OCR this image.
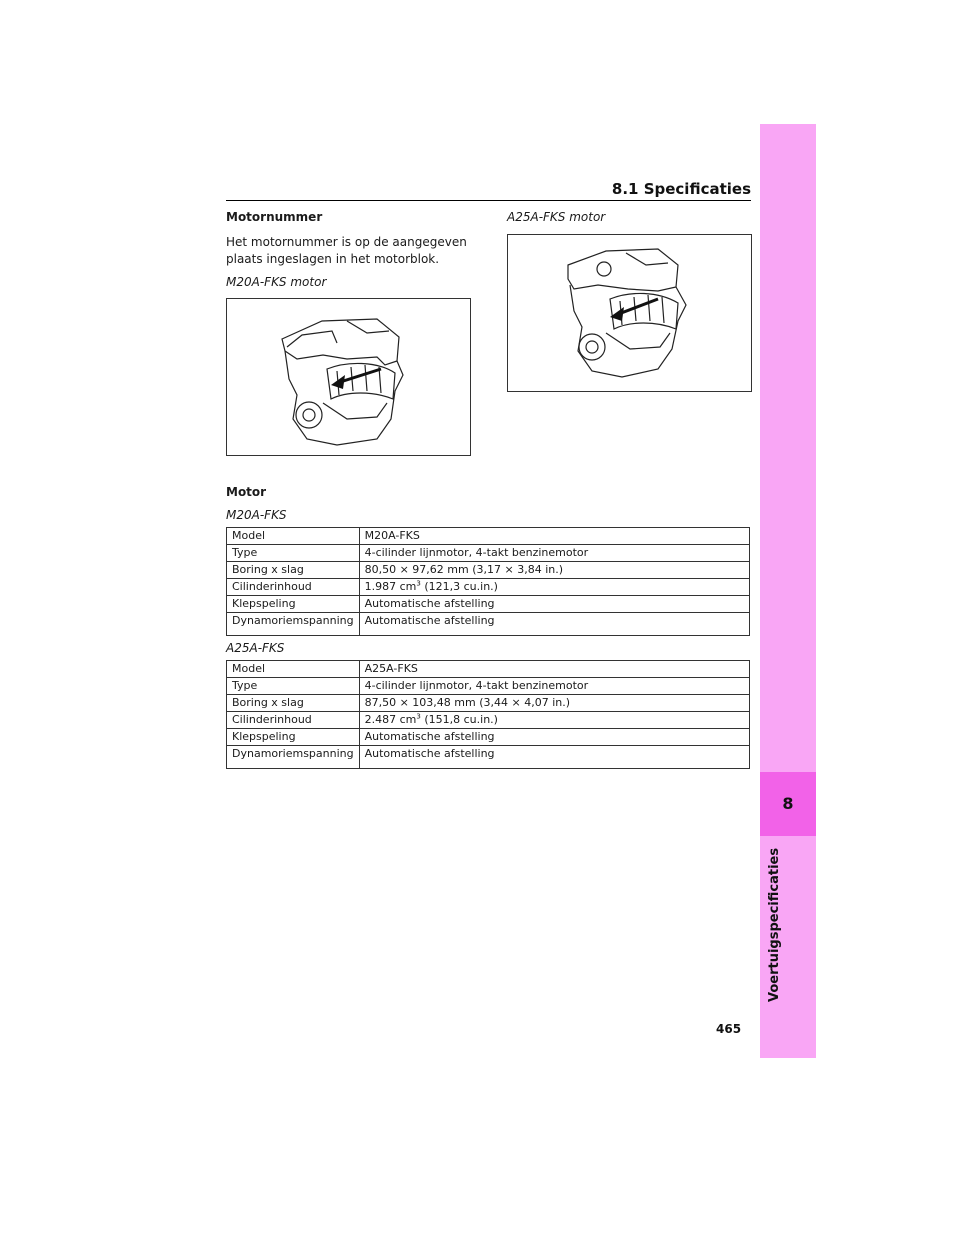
8
Voertuigspecificaties
8.1 Specificaties
Motornummer
Het motornummer is op de aangegeven
plaats ingeslagen in het motorblok.
M20A-FKS motor
A25A-FKS motor
Motor
M20A-FKS
Model	M20A-FKS
Type	4-cilinder lijnmotor, 4-takt benzinemotor
Boring x slag	80,50 × 97,62 mm (3,17 × 3,84 in.)
Cilinderinhoud	1.987 $cm^3$ (121,3 cu.in.)
Klepspeling	Automatische afstelling
Dynamoriemspanning	Automatische afstelling
A25A-FKS
Model	A25A-FKS
Type	4-cilinder lijnmotor, 4-takt benzinemotor
Boring x slag	87,50 × 103,48 mm (3,44 × 4,07 in.)
Cilinderinhoud	2.487 $cm^3$ (151,8 cu.in.)
Klepspeling	Automatische afstelling
Dynamoriemspanning	Automatische afstelling
465
